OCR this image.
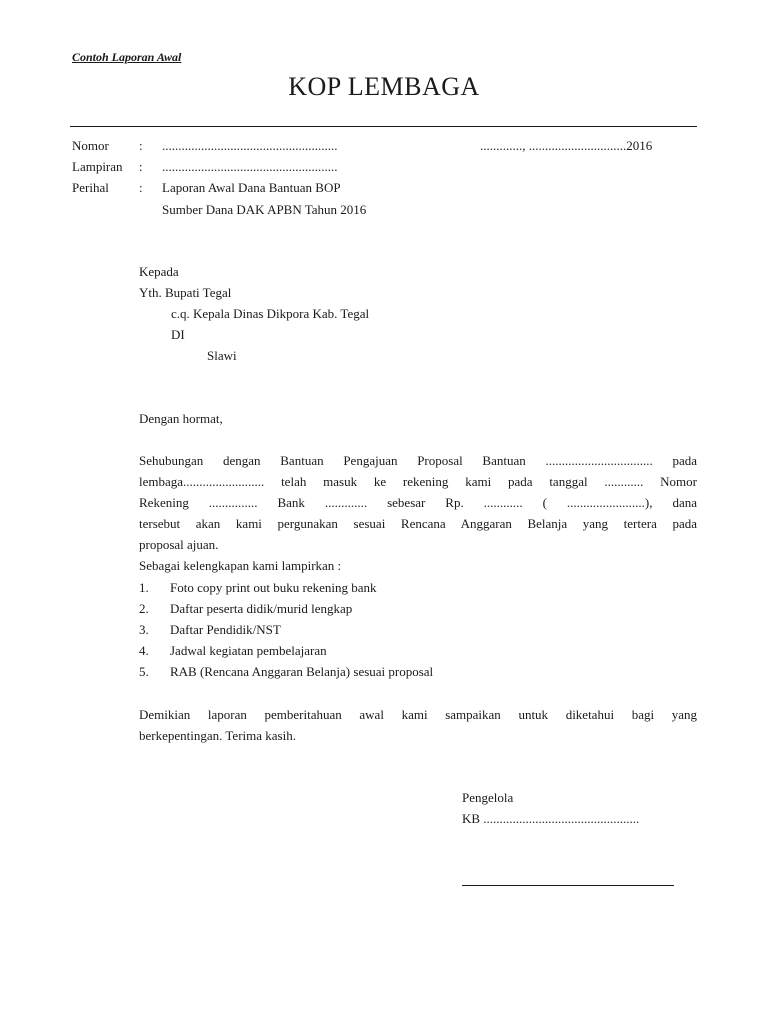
Contoh Laporan Awal
KOP LEMBAGA
Nomor : ......................................................	............., ..............................2016
Lampiran : ......................................................
Perihal : Laporan Awal Dana Bantuan BOP
Sumber Dana DAK APBN Tahun 2016
Kepada
Yth. Bupati Tegal
c.q. Kepala Dinas Dikpora Kab. Tegal
DI
Slawi
Dengan hormat,
Sehubungan dengan Bantuan Pengajuan Proposal Bantuan ................................. pada
lembaga......................... telah masuk ke rekening kami pada tanggal ............ Nomor
Rekening ............... Bank ............. sebesar Rp. ............ ( ........................), dana
tersebut akan kami pergunakan sesuai Rencana Anggaran Belanja yang tertera pada
proposal ajuan.
Sebagai kelengkapan kami lampirkan :
1. Foto copy print out buku rekening bank
2. Daftar peserta didik/murid lengkap
3. Daftar Pendidik/NST
4. Jadwal kegiatan pembelajaran
5. RAB (Rencana Anggaran Belanja) sesuai proposal
Demikian laporan pemberitahuan awal kami sampaikan untuk diketahui bagi yang
berkepentingan. Terima kasih.
Pengelola
KB ................................................
